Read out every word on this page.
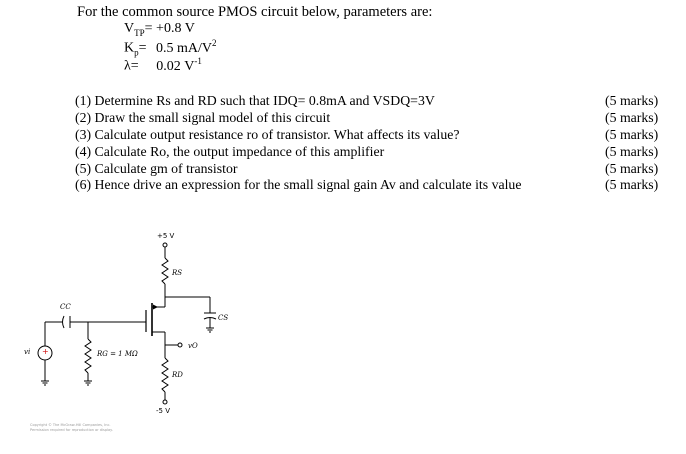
For the common source PMOS circuit below, parameters are:
$V_{TP}= +0.8$ V
$K_p= 0.5$ $mA/V^2$
λ= 0.02 $V^{-1}$
(1) Determine Rs and RD such that IDQ= 0.8mA and VSDQ=3V
(2) Draw the small signal model of this circuit
(3) Calculate output resistance ro of transistor. What affects its value?
(4) Calculate Ro, the output impedance of this amplifier
(5) Calculate gm of transistor
(6) Hence drive an expression for the small signal gain Av and calculate its value
(5 marks)
(5 marks)
(5 marks)
(5 marks)
(5 marks)
(5 marks)
+5 V
RS
CS
CC
vO
RD
-5 V
RG = 1 MΩ
vi +
Copyright © The McGraw-Hill Companies, Inc.
Permission required for reproduction or display.
